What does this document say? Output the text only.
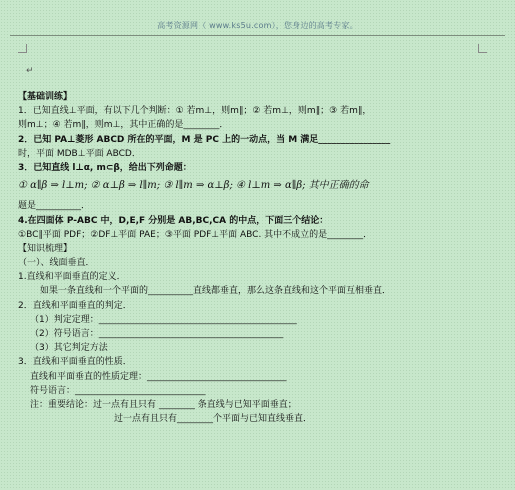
高考资源网（ www.ks5u.com），您身边的高考专家。
↵
【基础训练】
1．已知直线⊥平面，有以下几个判断：① 若m⊥，则m∥；② 若m⊥，则m∥；③ 若m∥，
则m⊥；④ 若m∥，则m⊥，其中正确的是________．
2．已知 PA⊥菱形 ABCD 所在的平面，M 是 PC 上的一动点，当 M 满足________________
时，平面 MDB⊥平面 ABCD．
3．已知直线 l⊥α, m⊂β，给出下列命题：
① α∥β ⇒ l⊥m; ② α⊥β ⇒ l∥m; ③ l∥m ⇒ α⊥β; ④ l⊥m ⇒ α∥β; 其中正确的命
题是__________．
4.在四面体 P-ABC 中，D,E,F 分别是 AB,BC,CA 的中点，下面三个结论：
①BC∥平面 PDF；②DF⊥平面 PAE；③平面 PDF⊥平面 ABC. 其中不成立的是________．
【知识梳理】
（一）、线面垂直．
1.直线和平面垂直的定义．
如果一条直线和一个平面的__________直线都垂直，那么这条直线和这个平面互相垂直．
2．直线和平面垂直的判定．
（1）判定定理：____________________________________________
（2）符号语言：_________________________________________
（3）其它判定方法
3．直线和平面垂直的性质．
直线和平面垂直的性质定理：_______________________________
符号语言：_____________________________
注：重要结论：过一点有且只有 ________ 条直线与已知平面垂直；
过一点有且只有________个平面与已知直线垂直．
